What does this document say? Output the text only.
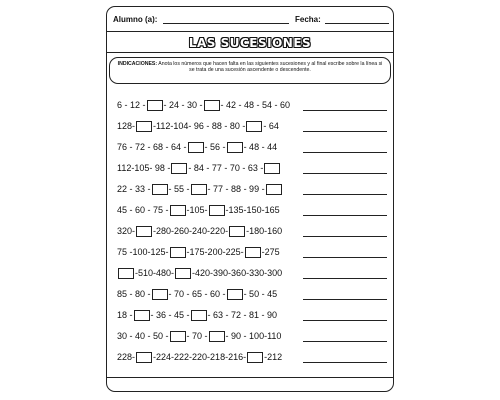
Alumno (a):	Fecha:
LAS SUCESIONES
INDICACIONES: Anota los números que hacen falta en las siguientes sucesiones y al final escribe sobre la línea si se trata de una sucesión ascendente o descendente.
6 - 12 - - 24 - 30 - - 42 - 48 - 54 - 60
128- -112-104- 96 - 88 - 80 - - 64
76 - 72 - 68 - 64 - - 56 - - 48 - 44
112-105- 98 - - 84 - 77 - 70 - 63 -
22 - 33 - - 55 - - 77 - 88 - 99 -
45 - 60 - 75 - -105- -135-150-165
320- -280-260-240-220- -180-160
75 -100-125- -175-200-225- -275
-510-480- -420-390-360-330-300
85 - 80 - - 70 - 65 - 60 - - 50 - 45
18 - - 36 - 45 - - 63 - 72 - 81 - 90
30 - 40 - 50 - - 70 - - 90 - 100-110
228- -224-222-220-218-216- -212
